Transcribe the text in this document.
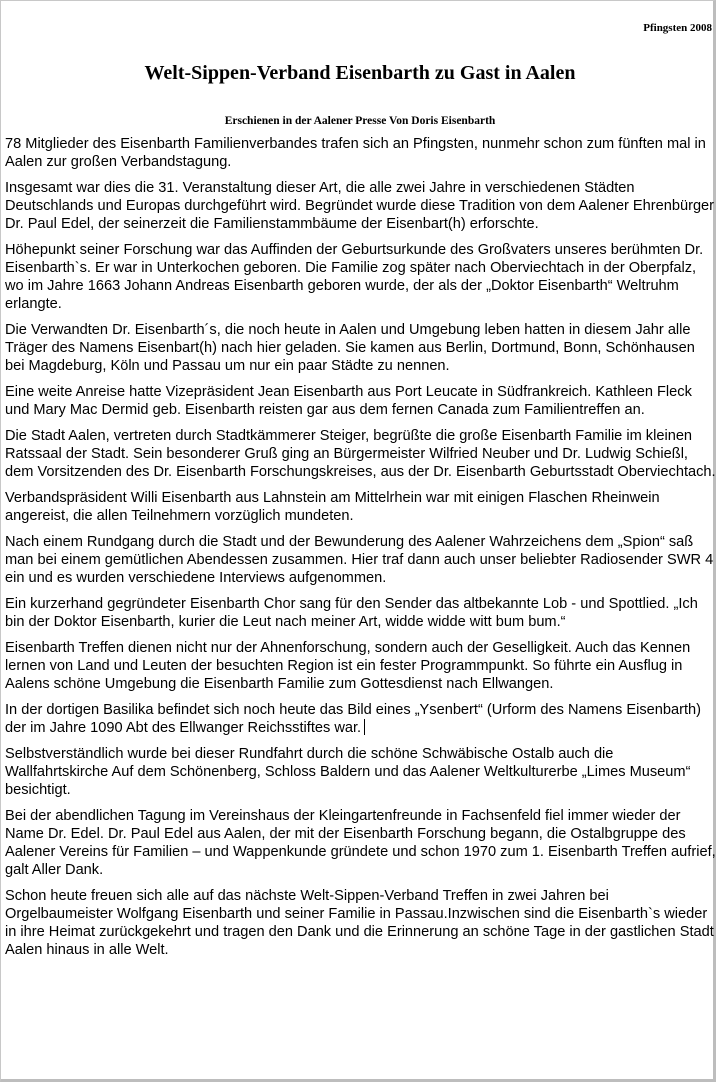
Pfingsten 2008
Welt-Sippen-Verband Eisenbarth zu Gast in Aalen
Erschienen in der Aalener Presse Von Doris Eisenbarth

78 Mitglieder des Eisenbarth Familienverbandes trafen sich an Pfingsten, nunmehr schon zum fünften mal in Aalen zur großen Verbandstagung.

Insgesamt war dies die 31. Veranstaltung dieser Art, die alle zwei Jahre in verschiedenen Städten Deutschlands und Europas durchgeführt wird. Begründet wurde diese Tradition von dem Aalener Ehrenbürger Dr. Paul Edel, der seinerzeit die Familienstammbäume der Eisenbart(h) erforschte.

Höhepunkt seiner Forschung war das Auffinden der Geburtsurkunde des Großvaters unseres berühmten Dr. Eisenbarth`s. Er war in Unterkochen geboren. Die Familie zog später nach Oberviechtach in der Oberpfalz, wo im Jahre 1663 Johann Andreas Eisenbarth geboren wurde, der als der „Doktor Eisenbarth“ Weltruhm erlangte.

Die Verwandten Dr. Eisenbarth´s, die noch heute in Aalen und Umgebung leben hatten in diesem Jahr alle Träger des Namens Eisenbart(h) nach hier geladen. Sie kamen aus Berlin, Dortmund, Bonn, Schönhausen bei Magdeburg, Köln und Passau um nur ein paar Städte zu nennen.

Eine weite Anreise hatte Vizepräsident Jean Eisenbarth aus Port Leucate in Südfrankreich. Kathleen Fleck und Mary Mac Dermid geb. Eisenbarth reisten gar aus dem fernen Canada zum Familientreffen an.

Die Stadt Aalen, vertreten durch Stadtkämmerer Steiger, begrüßte die große Eisenbarth Familie im kleinen Ratssaal der Stadt. Sein besonderer Gruß ging an Bürgermeister Wilfried Neuber und Dr. Ludwig Schießl, dem Vorsitzenden des Dr. Eisenbarth Forschungskreises, aus der Dr. Eisenbarth Geburtsstadt Oberviechtach.

Verbandspräsident Willi Eisenbarth aus Lahnstein am Mittelrhein war mit einigen Flaschen Rheinwein angereist, die allen Teilnehmern vorzüglich mundeten.

Nach einem Rundgang durch die Stadt und der Bewunderung des Aalener Wahrzeichens dem „Spion“ saß man bei einem gemütlichen Abendessen zusammen. Hier traf dann auch unser beliebter Radiosender SWR 4 ein und es wurden verschiedene Interviews aufgenommen.

Ein kurzerhand gegründeter Eisenbarth Chor sang für den Sender das altbekannte Lob - und Spottlied. „Ich bin der Doktor Eisenbarth, kurier die Leut nach meiner Art, widde widde witt bum bum.“

Eisenbarth Treffen dienen nicht nur der Ahnenforschung, sondern auch der Geselligkeit. Auch das Kennen lernen von Land und Leuten der besuchten Region ist ein fester Programmpunkt. So führte ein Ausflug in Aalens schöne Umgebung die Eisenbarth Familie zum Gottesdienst nach Ellwangen.

In der dortigen Basilika befindet sich noch heute das Bild eines „Ysenbert“ (Urform des Namens Eisenbarth) der im Jahre 1090 Abt des Ellwanger Reichsstiftes war.

Selbstverständlich wurde bei dieser Rundfahrt durch die schöne Schwäbische Ostalb auch die Wallfahrtskirche Auf dem Schönenberg, Schloss Baldern und das Aalener Weltkulturerbe „Limes Museum“ besichtigt.

Bei der abendlichen Tagung im Vereinshaus der Kleingartenfreunde in Fachsenfeld fiel immer wieder der Name Dr. Edel. Dr. Paul Edel aus Aalen, der mit der Eisenbarth Forschung begann, die Ostalbgruppe des Aalener Vereins für Familien – und Wappenkunde gründete und schon 1970 zum 1. Eisenbarth Treffen aufrief, galt Aller Dank.

Schon heute freuen sich alle auf das nächste Welt-Sippen-Verband Treffen in zwei Jahren bei Orgelbaumeister Wolfgang Eisenbarth und seiner Familie in Passau.Inzwischen sind die Eisenbarth`s wieder in ihre Heimat zurückgekehrt und tragen den Dank und die Erinnerung an schöne Tage in der gastlichen Stadt Aalen hinaus in alle Welt.
